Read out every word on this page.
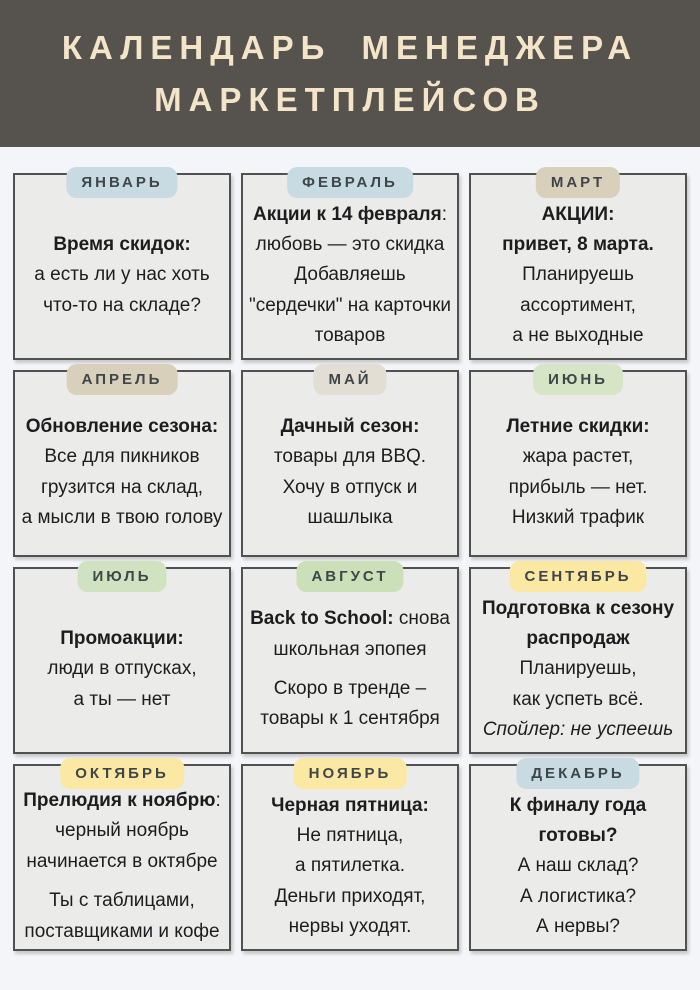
КАЛЕНДАРЬ МЕНЕДЖЕРА
МАРКЕТПЛЕЙСОВ
ЯНВАРЬ

Время скидок:
а есть ли у нас хоть
что-то на складе?

ФЕВРАЛЬ

Акции к 14 февраля:
любовь — это скидка
Добавляешь
"сердечки" на карточки
товаров

МАРТ

АКЦИИ:
привет, 8 марта.
Планируешь
ассортимент,
а не выходные

АПРЕЛЬ

Обновление сезона:
Все для пикников
грузится на склад,
а мысли в твою голову

МАЙ

Дачный сезон:
товары для BBQ.
Хочу в отпуск и
шашлыка

ИЮНЬ

Летние скидки:
жара растет,
прибыль — нет.
Низкий трафик

ИЮЛЬ

Промоакции:
люди в отпусках,
а ты — нет

АВГУСТ

Back to School: снова
школьная эпопея

Скоро в тренде –
товары к 1 сентября

СЕНТЯБРЬ

Подготовка к сезону
распродаж
Планируешь,
как успеть всё.
Спойлер: не успеешь

ОКТЯБРЬ

Прелюдия к ноябрю:
черный ноябрь
начинается в октябре

Ты с таблицами,
поставщиками и кофе

НОЯБРЬ

Черная пятница:
Не пятница,
а пятилетка.
Деньги приходят,
нервы уходят.

ДЕКАБРЬ

К финалу года
готовы?
А наш склад?
А логистика?
А нервы?
